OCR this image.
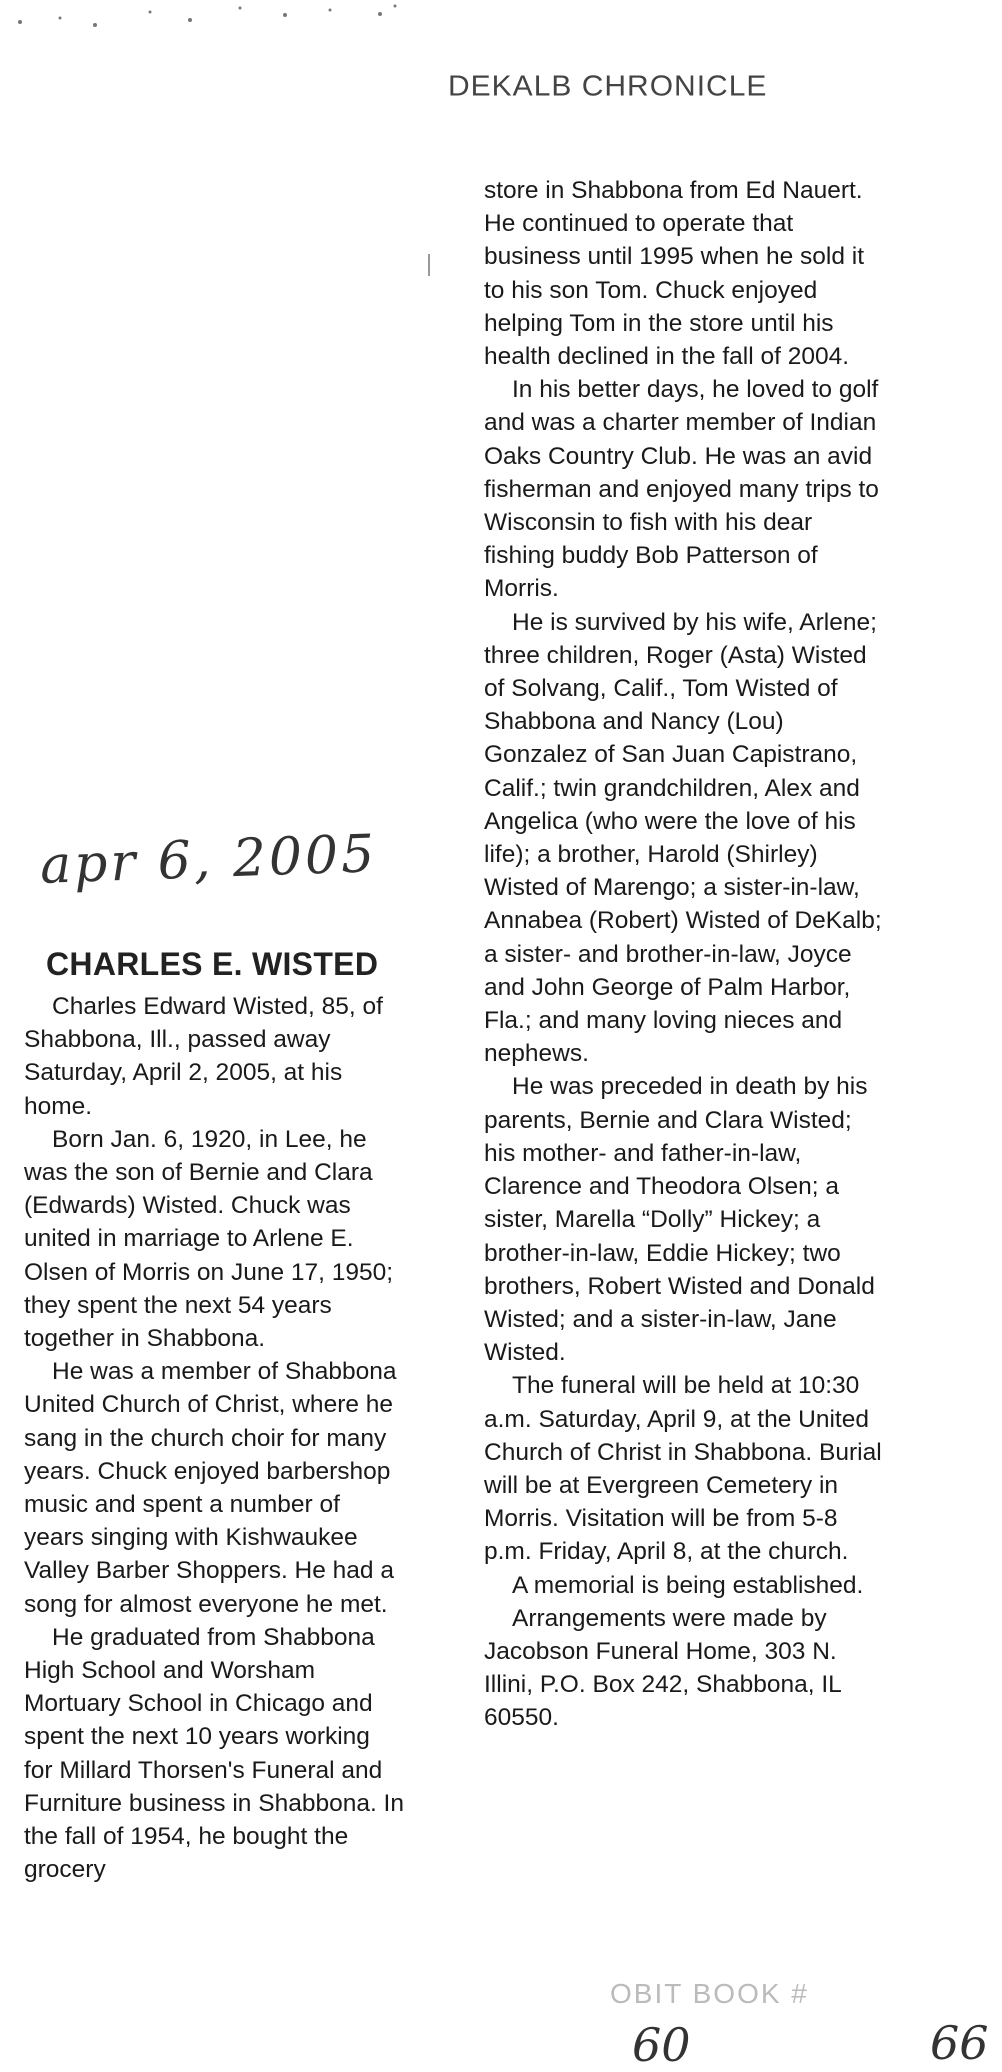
DEKALB CHRONICLE
apr 6, 2005
CHARLES E. WISTED

Charles Edward Wisted, 85, of Shabbona, Ill., passed away Saturday, April 2, 2005, at his home.

Born Jan. 6, 1920, in Lee, he was the son of Bernie and Clara (Edwards) Wisted. Chuck was united in marriage to Arlene E. Olsen of Morris on June 17, 1950; they spent the next 54 years together in Shabbona.

He was a member of Shabbona United Church of Christ, where he sang in the church choir for many years. Chuck enjoyed barbershop music and spent a number of years singing with Kishwaukee Valley Barber Shoppers. He had a song for almost everyone he met.

He graduated from Shabbona High School and Worsham Mortuary School in Chicago and spent the next 10 years working for Millard Thorsen's Funeral and Furniture business in Shabbona. In the fall of 1954, he bought the grocery

store in Shabbona from Ed Nauert. He continued to operate that business until 1995 when he sold it to his son Tom. Chuck enjoyed helping Tom in the store until his health declined in the fall of 2004.

In his better days, he loved to golf and was a charter member of Indian Oaks Country Club. He was an avid fisherman and enjoyed many trips to Wisconsin to fish with his dear fishing buddy Bob Patterson of Morris.

He is survived by his wife, Arlene; three children, Roger (Asta) Wisted of Solvang, Calif., Tom Wisted of Shabbona and Nancy (Lou) Gonzalez of San Juan Capistrano, Calif.; twin grandchildren, Alex and Angelica (who were the love of his life); a brother, Harold (Shirley) Wisted of Marengo; a sister-in-law, Annabea (Robert) Wisted of DeKalb; a sister- and brother-in-law, Joyce and John George of Palm Harbor, Fla.; and many loving nieces and nephews.

He was preceded in death by his parents, Bernie and Clara Wisted; his mother- and father-in-law, Clarence and Theodora Olsen; a sister, Marella “Dolly” Hickey; a brother-in-law, Eddie Hickey; two brothers, Robert Wisted and Donald Wisted; and a sister-in-law, Jane Wisted.

The funeral will be held at 10:30 a.m. Saturday, April 9, at the United Church of Christ in Shabbona. Burial will be at Evergreen Cemetery in Morris. Visitation will be from 5-8 p.m. Friday, April 8, at the church.

A memorial is being established.

Arrangements were made by Jacobson Funeral Home, 303 N. Illini, P.O. Box 242, Shabbona, IL 60550.

OBIT BOOK #
60	66
